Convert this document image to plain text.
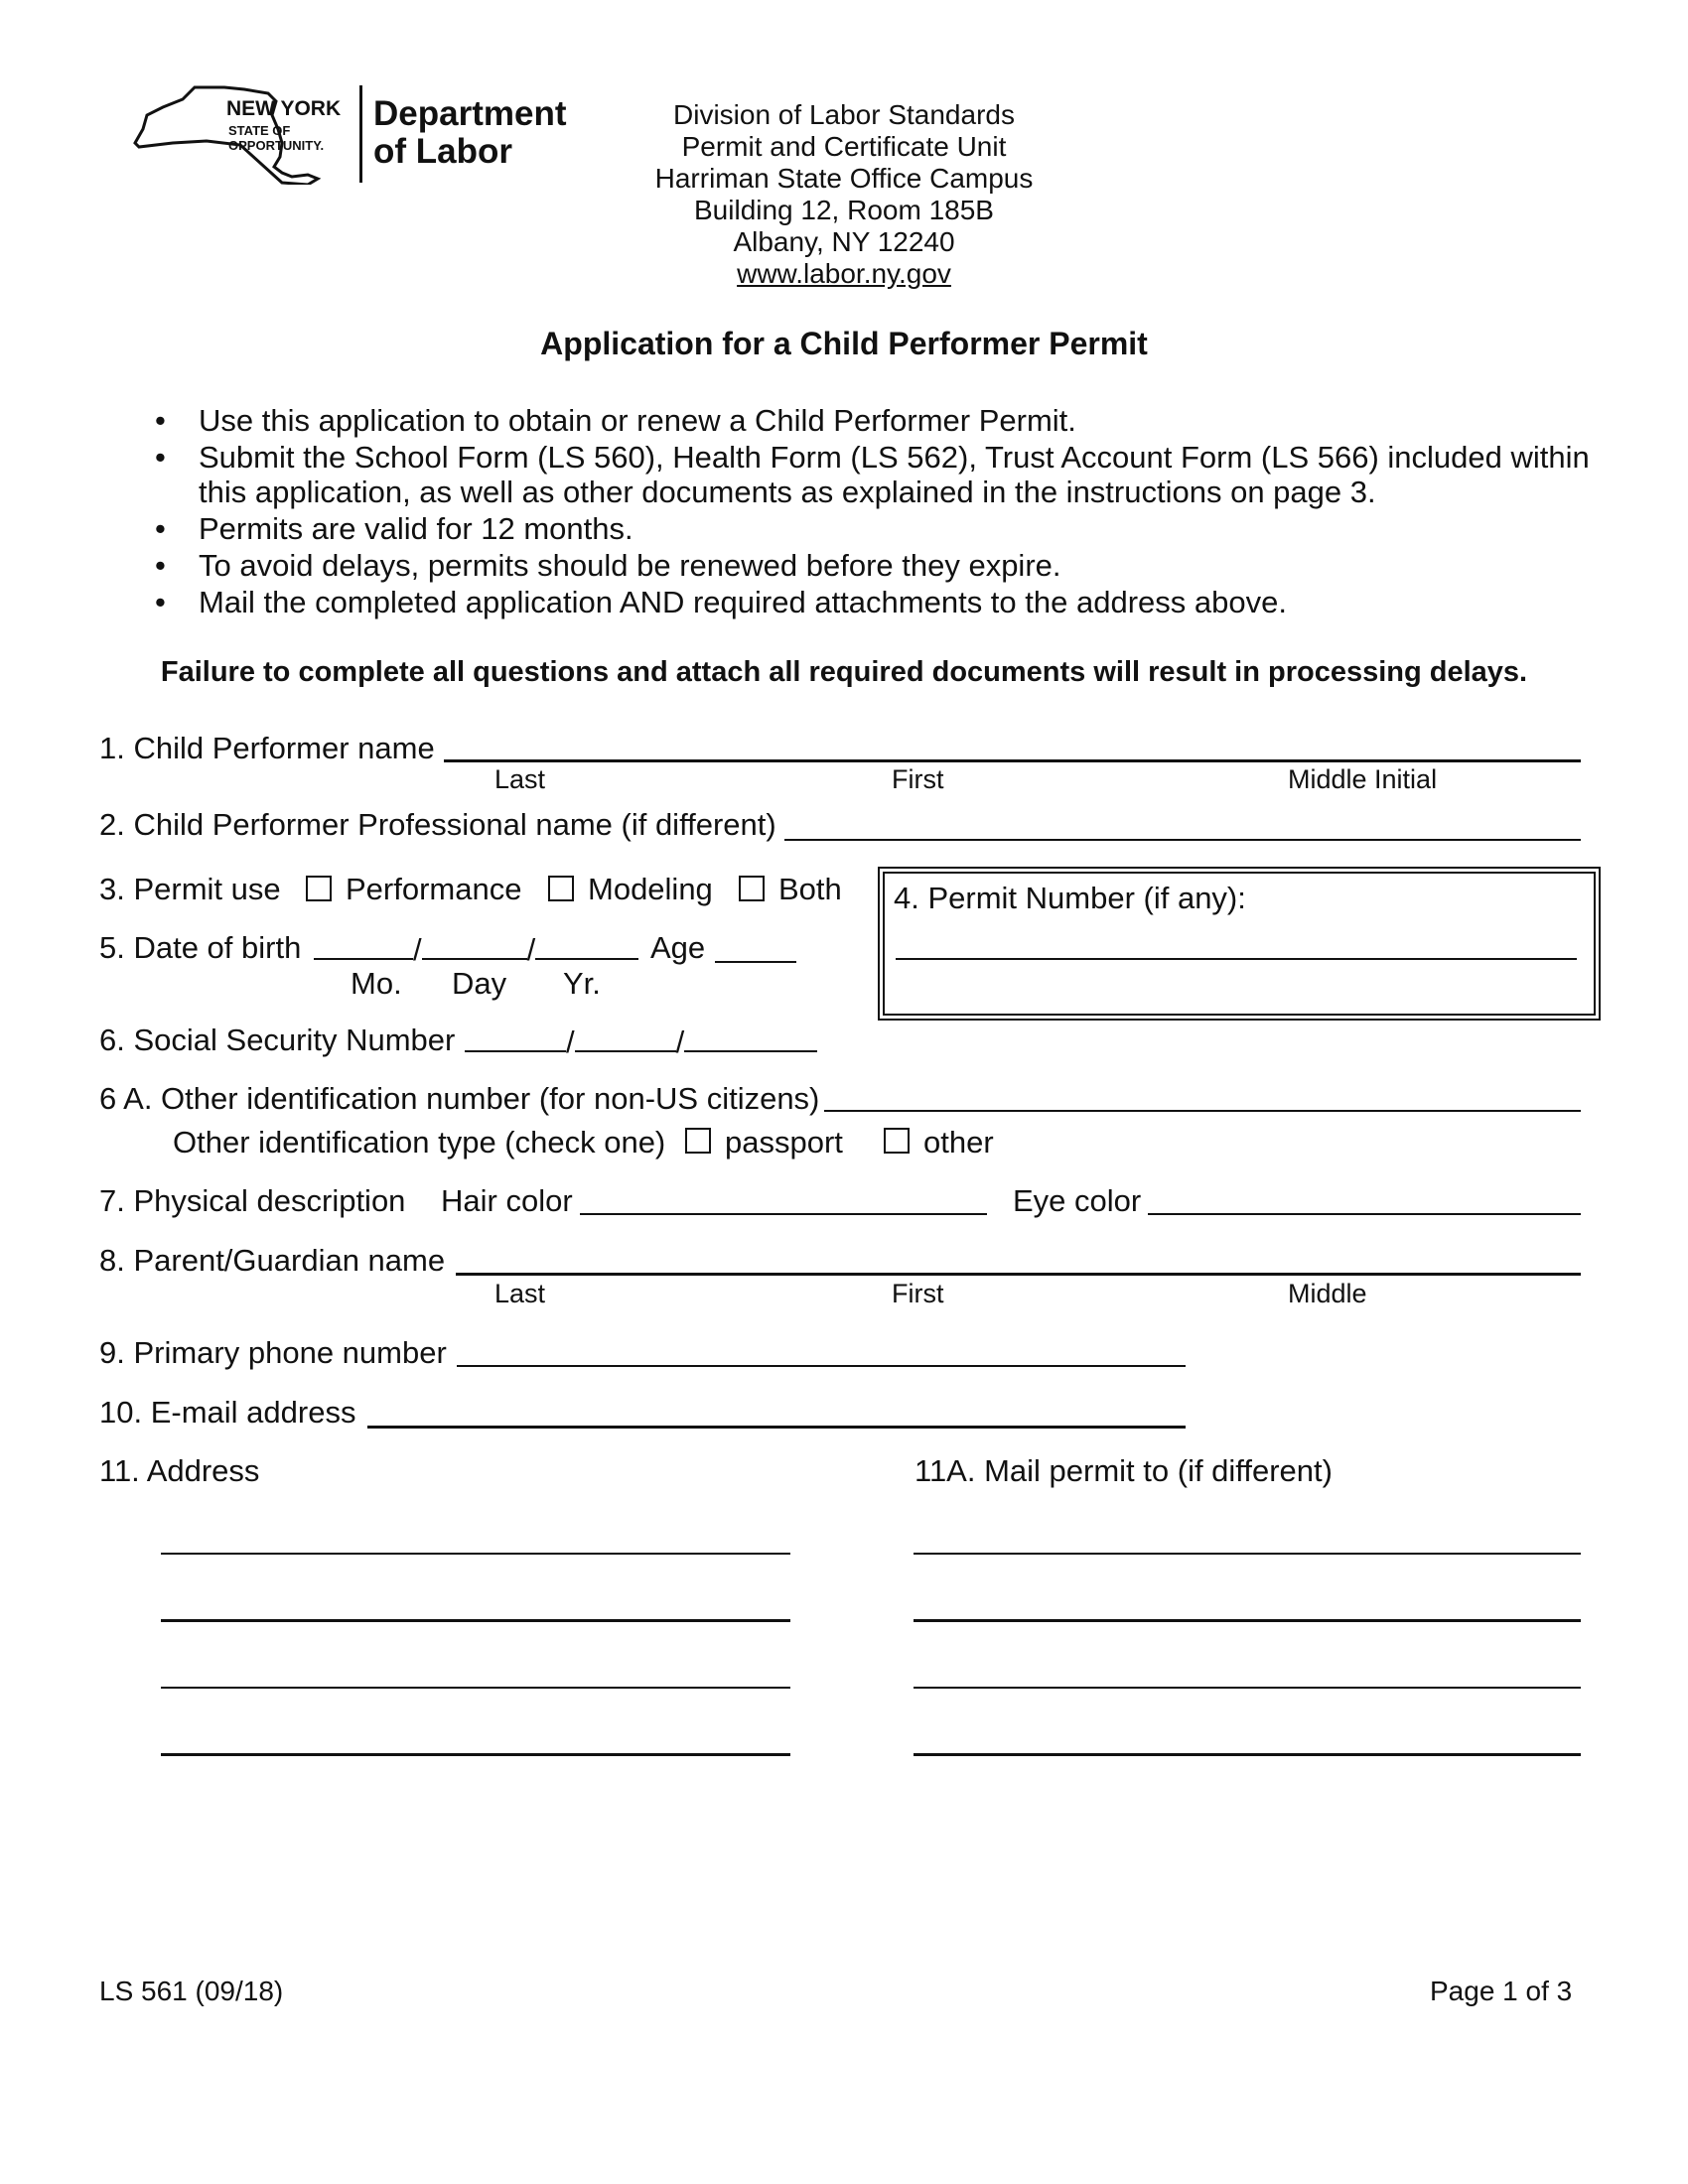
NEW YORK
STATE OF
OPPORTUNITY.
Department
of Labor
Division of Labor Standards
Permit and Certificate Unit
Harriman State Office Campus
Building 12, Room 185B
Albany, NY 12240
www.labor.ny.gov
Application for a Child Performer Permit
• Use this application to obtain or renew a Child Performer Permit.
• Submit the School Form (LS 560), Health Form (LS 562), Trust Account Form (LS 566) included within
this application, as well as other documents as explained in the instructions on page 3.
• Permits are valid for 12 months.
• To avoid delays, permits should be renewed before they expire.
• Mail the completed application AND required attachments to the address above.
Failure to complete all questions and attach all required documents will result in processing delays.
1. Child Performer name
Last	First	Middle Initial
2. Child Performer Professional name (if different)
3. Permit use Performance Modeling Both 4. Permit Number (if any):
5. Date of birth	/	/	Age
Mo. Day Yr.
6. Social Security Number	/	/
6 A. Other identification number (for non-US citizens)
Other identification type (check one) passport	other
7. Physical description Hair color	Eye color
8. Parent/Guardian name
Last	First	Middle
9. Primary phone number
10. E-mail address
11. Address	11A. Mail permit to (if different)
LS 561 (09/18)	Page 1 of 3
